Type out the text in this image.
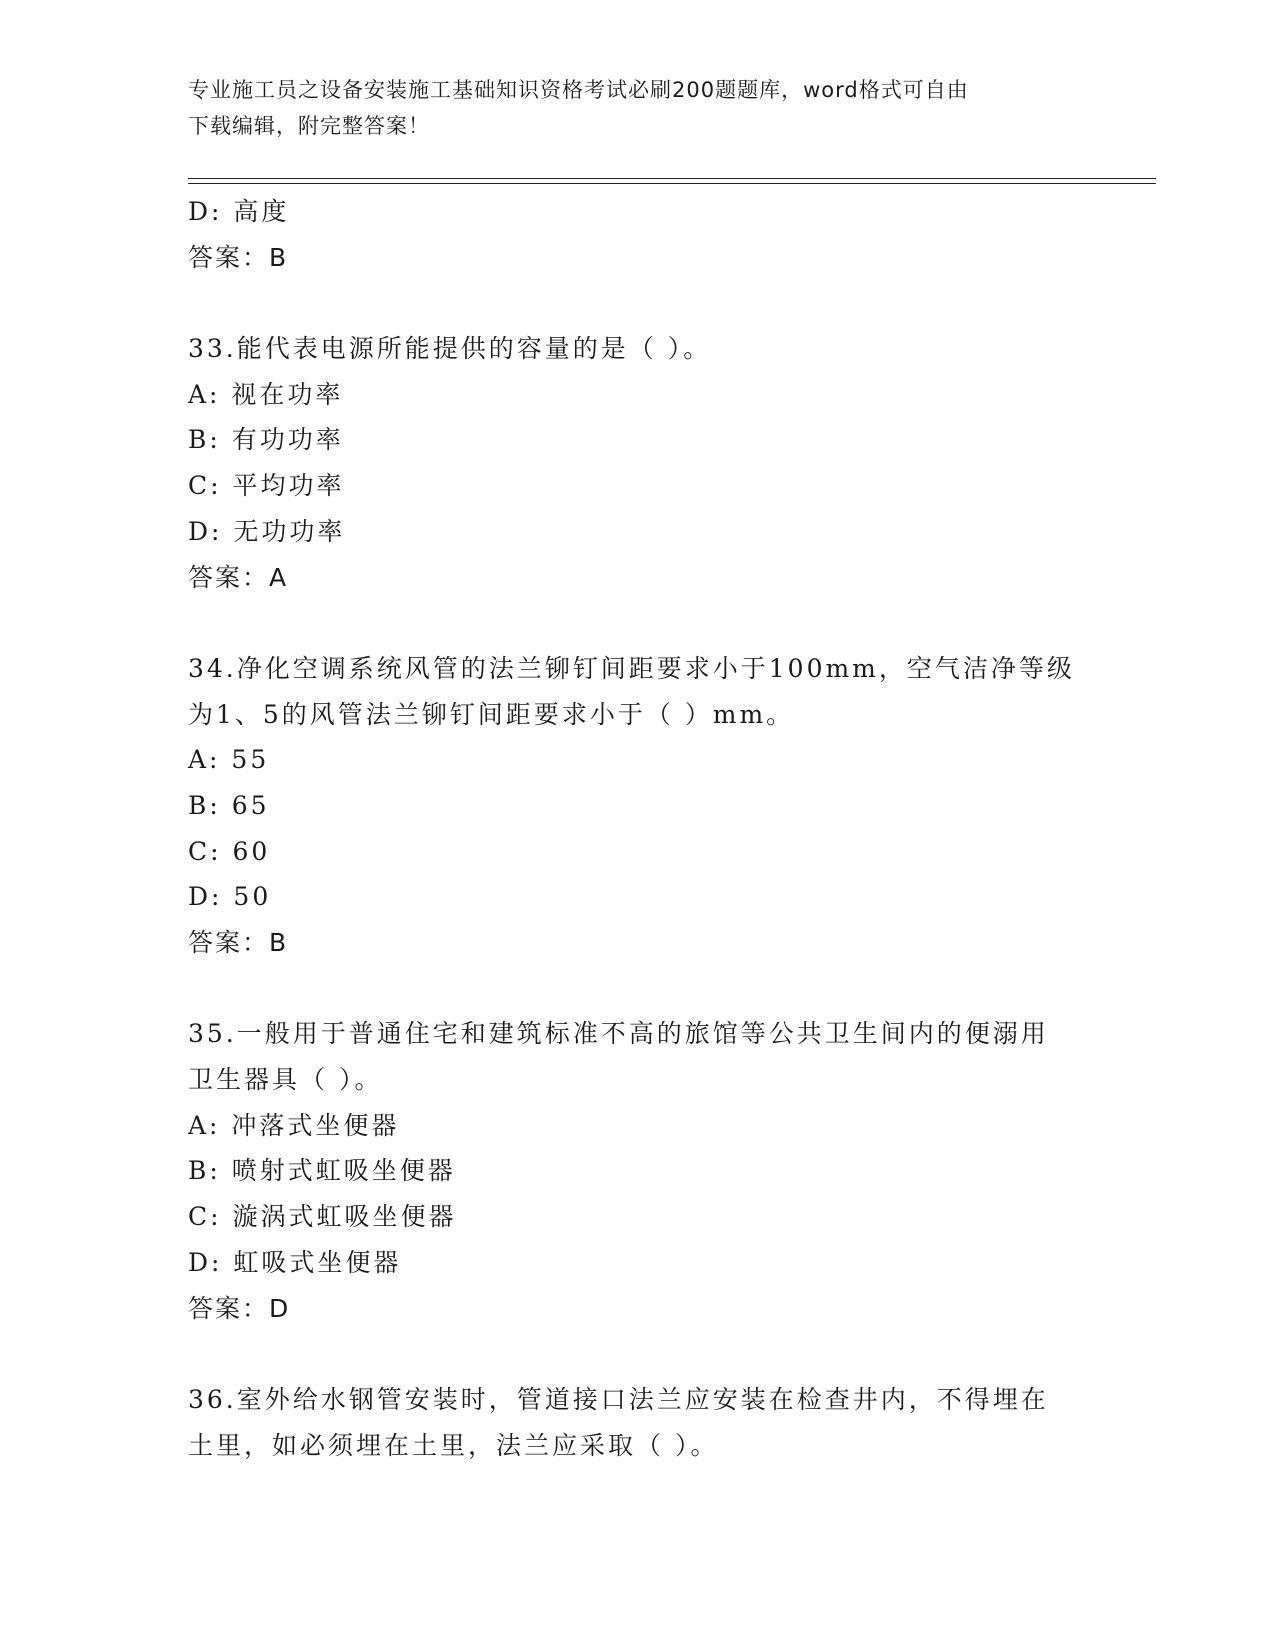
专业施工员之设备安装施工基础知识资格考试必刷200题题库，word格式可自由
下载编辑，附完整答案！
D: 高度
答案：B
33.能代表电源所能提供的容量的是（ ）。
A: 视在功率
B: 有功功率
C: 平均功率
D: 无功功率
答案：A
34.净化空调系统风管的法兰铆钉间距要求小于100mm，空气洁净等级
为1、5的风管法兰铆钉间距要求小于（ ）mm。
A: 55
B: 65
C: 60
D: 50
答案：B
35.一般用于普通住宅和建筑标准不高的旅馆等公共卫生间内的便溺用
卫生器具（ ）。
A: 冲落式坐便器
B: 喷射式虹吸坐便器
C: 漩涡式虹吸坐便器
D: 虹吸式坐便器
答案：D
36.室外给水钢管安装时，管道接口法兰应安装在检查井内，不得埋在
土里，如必须埋在土里，法兰应采取（ ）。
